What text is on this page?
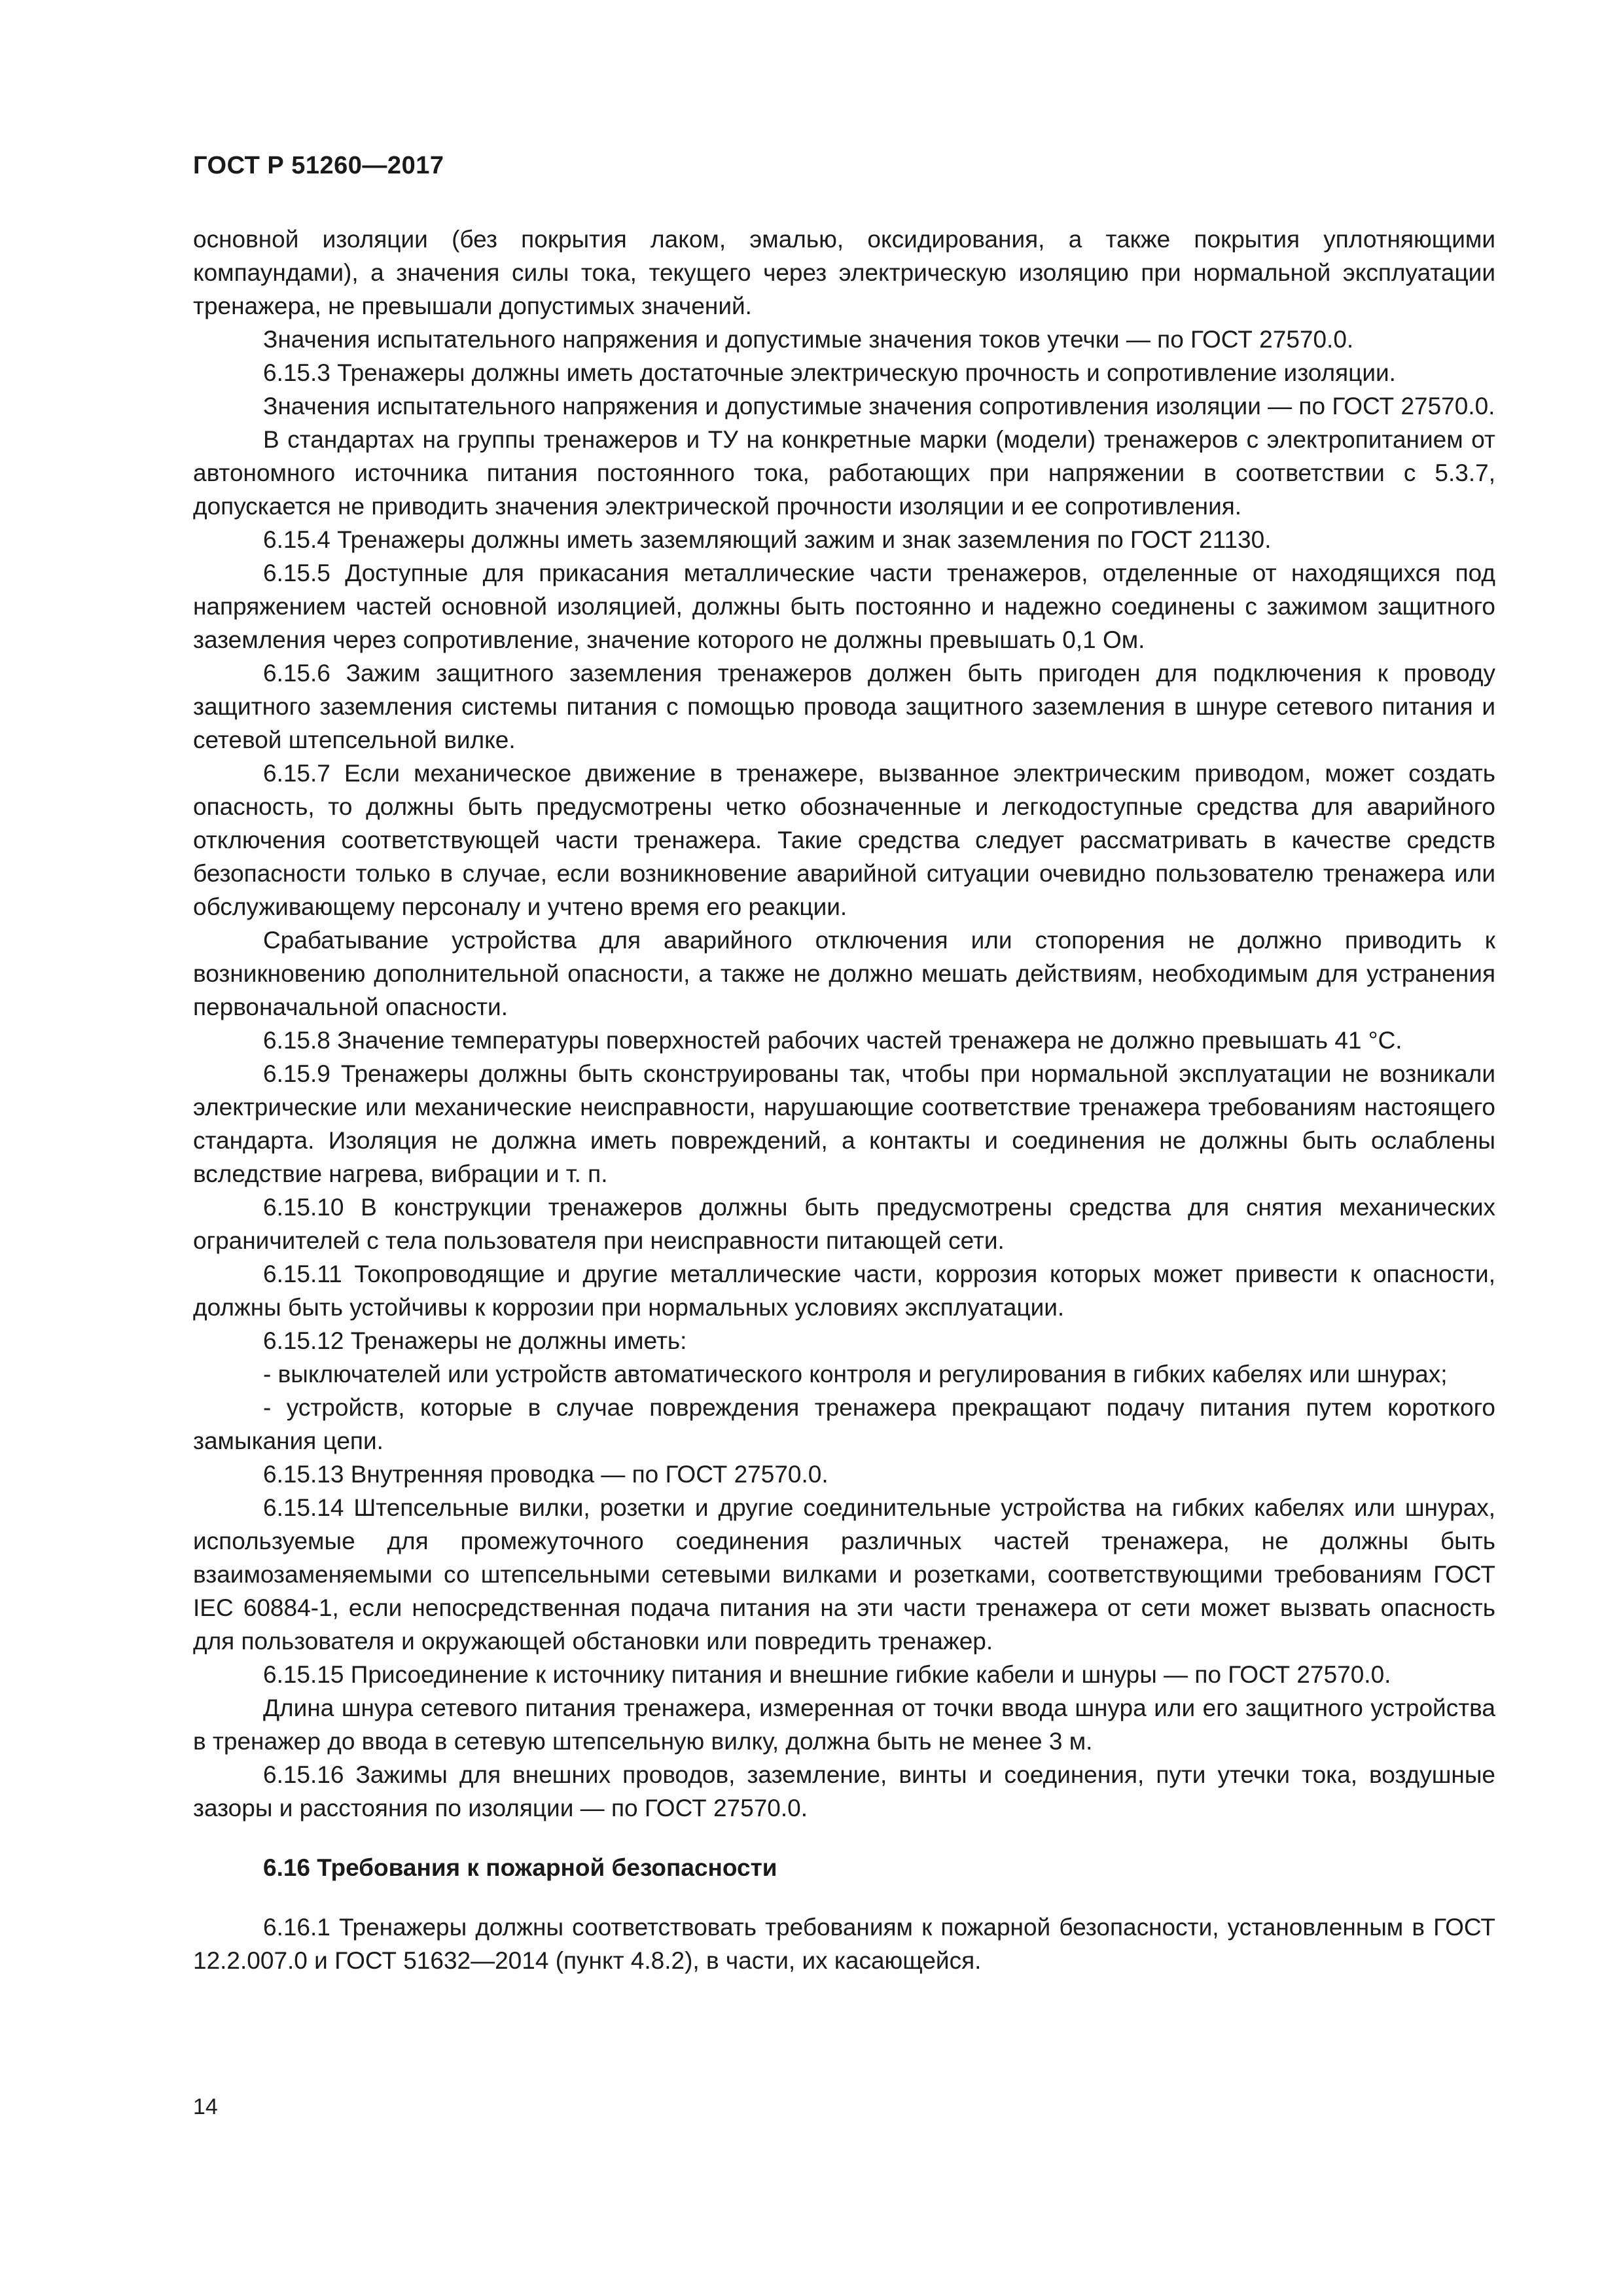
ГОСТ Р 51260—2017

основной изоляции (без покрытия лаком, эмалью, оксидирования, а также покрытия уплотняющими компаундами), а значения силы тока, текущего через электрическую изоляцию при нормальной эксплуатации тренажера, не превышали допустимых значений.

Значения испытательного напряжения и допустимые значения токов утечки — по ГОСТ 27570.0.

6.15.3 Тренажеры должны иметь достаточные электрическую прочность и сопротивление изоляции.

Значения испытательного напряжения и допустимые значения сопротивления изоляции — по ГОСТ 27570.0.

В стандартах на группы тренажеров и ТУ на конкретные марки (модели) тренажеров с электропитанием от автономного источника питания постоянного тока, работающих при напряжении в соответствии с 5.3.7, допускается не приводить значения электрической прочности изоляции и ее сопротивления.

6.15.4 Тренажеры должны иметь заземляющий зажим и знак заземления по ГОСТ 21130.

6.15.5 Доступные для прикасания металлические части тренажеров, отделенные от находящихся под напряжением частей основной изоляцией, должны быть постоянно и надежно соединены с зажимом защитного заземления через сопротивление, значение которого не должны превышать 0,1 Ом.

6.15.6 Зажим защитного заземления тренажеров должен быть пригоден для подключения к проводу защитного заземления системы питания с помощью провода защитного заземления в шнуре сетевого питания и сетевой штепсельной вилке.

6.15.7 Если механическое движение в тренажере, вызванное электрическим приводом, может создать опасность, то должны быть предусмотрены четко обозначенные и легкодоступные средства для аварийного отключения соответствующей части тренажера. Такие средства следует рассматривать в качестве средств безопасности только в случае, если возникновение аварийной ситуации очевидно пользователю тренажера или обслуживающему персоналу и учтено время его реакции.

Срабатывание устройства для аварийного отключения или стопорения не должно приводить к возникновению дополнительной опасности, а также не должно мешать действиям, необходимым для устранения первоначальной опасности.

6.15.8 Значение температуры поверхностей рабочих частей тренажера не должно превышать 41 °С.

6.15.9 Тренажеры должны быть сконструированы так, чтобы при нормальной эксплуатации не возникали электрические или механические неисправности, нарушающие соответствие тренажера требованиям настоящего стандарта. Изоляция не должна иметь повреждений, а контакты и соединения не должны быть ослаблены вследствие нагрева, вибрации и т. п.

6.15.10 В конструкции тренажеров должны быть предусмотрены средства для снятия механических ограничителей с тела пользователя при неисправности питающей сети.

6.15.11 Токопроводящие и другие металлические части, коррозия которых может привести к опасности, должны быть устойчивы к коррозии при нормальных условиях эксплуатации.

6.15.12 Тренажеры не должны иметь:

- выключателей или устройств автоматического контроля и регулирования в гибких кабелях или шнурах;

- устройств, которые в случае повреждения тренажера прекращают подачу питания путем короткого замыкания цепи.

6.15.13 Внутренняя проводка — по ГОСТ 27570.0.

6.15.14 Штепсельные вилки, розетки и другие соединительные устройства на гибких кабелях или шнурах, используемые для промежуточного соединения различных частей тренажера, не должны быть взаимозаменяемыми со штепсельными сетевыми вилками и розетками, соответствующими требованиям ГОСТ IEC 60884-1, если непосредственная подача питания на эти части тренажера от сети может вызвать опасность для пользователя и окружающей обстановки или повредить тренажер.

6.15.15 Присоединение к источнику питания и внешние гибкие кабели и шнуры — по ГОСТ 27570.0.

Длина шнура сетевого питания тренажера, измеренная от точки ввода шнура или его защитного устройства в тренажер до ввода в сетевую штепсельную вилку, должна быть не менее 3 м.

6.15.16 Зажимы для внешних проводов, заземление, винты и соединения, пути утечки тока, воздушные зазоры и расстояния по изоляции — по ГОСТ 27570.0.

6.16 Требования к пожарной безопасности

6.16.1 Тренажеры должны соответствовать требованиям к пожарной безопасности, установленным в ГОСТ 12.2.007.0 и ГОСТ 51632—2014 (пункт 4.8.2), в части, их касающейся.

14
